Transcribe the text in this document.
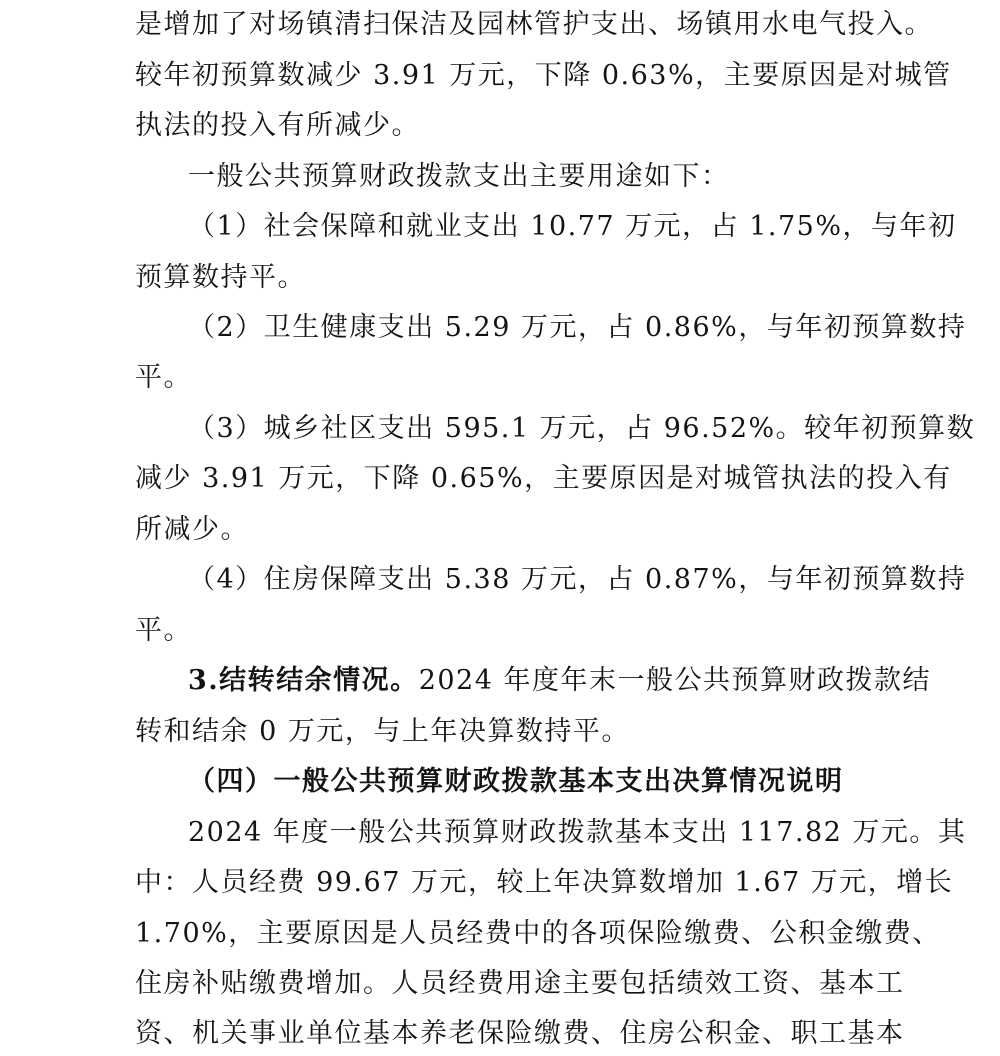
是增加了对场镇清扫保洁及园林管护支出、场镇用水电气投入。
较年初预算数减少 3.91 万元，下降 0.63%，主要原因是对城管
执法的投入有所减少。
一般公共预算财政拨款支出主要用途如下：
（1）社会保障和就业支出 10.77 万元，占 1.75%，与年初
预算数持平。
（2）卫生健康支出 5.29 万元，占 0.86%，与年初预算数持
平。
（3）城乡社区支出 595.1 万元，占 96.52%。较年初预算数
减少 3.91 万元，下降 0.65%，主要原因是对城管执法的投入有
所减少。
（4）住房保障支出 5.38 万元，占 0.87%，与年初预算数持
平。
3.结转结余情况。2024 年度年末一般公共预算财政拨款结
转和结余 0 万元，与上年决算数持平。
（四）一般公共预算财政拨款基本支出决算情况说明
2024 年度一般公共预算财政拨款基本支出 117.82 万元。其
中：人员经费 99.67 万元，较上年决算数增加 1.67 万元，增长
1.70%，主要原因是人员经费中的各项保险缴费、公积金缴费、
住房补贴缴费增加。人员经费用途主要包括绩效工资、基本工
资、机关事业单位基本养老保险缴费、住房公积金、职工基本
